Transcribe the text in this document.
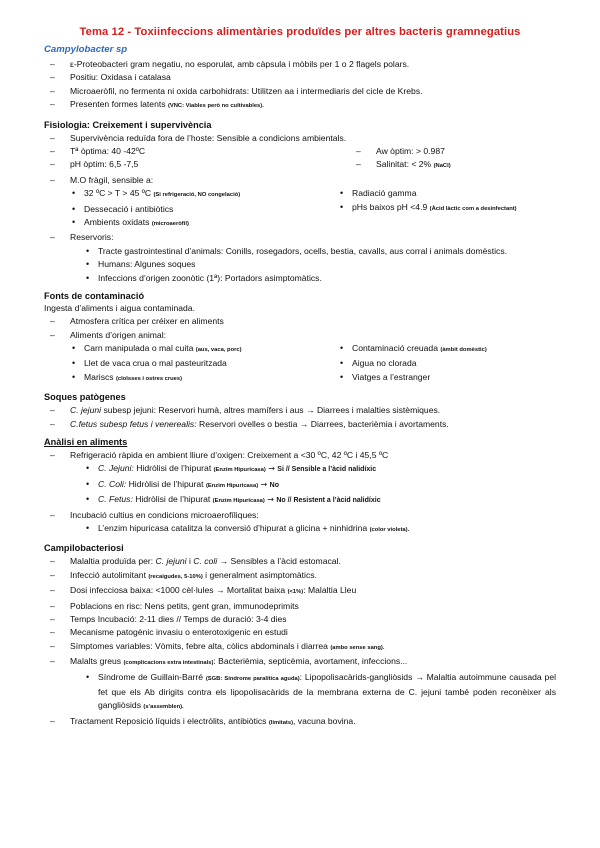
Tema 12 - Toxiinfeccions alimentàries produïdes per altres bacteris gramnegatius
Campylobacter sp
– ε-Proteobacteri gram negatiu, no esporulat, amb càpsula i mòbils per 1 o 2 flagels polars.
– Positiu: Oxidasa i catalasa
– Microaeròfil, no fermenta ni oxida carbohidrats: Utilitzen aa i intermediaris del cicle de Krebs.
– Presenten formes latents (VNC: Viables però no cultivables).
Fisiologia: Creixement i supervivència
– Supervivència reduïda fora de l’hoste: Sensible a condicions ambientals.
– Tª òptima: 40 -42ºC	– Aw òptim: > 0.987
– pH òptim: 6,5 -7,5	– Salinitat: < 2% (NaCl)
– M.O fràgil, sensible a:
• 32 ºC > T > 45 ºC (Si refrigeració, NO congelació)
• Dessecació i antibiòtics
• Ambients oxidats (microaeròfil)
• Radiació gamma
• pHs baixos pH <4.9 (Àcid làctic com a desinfectant)
– Reservoris:
• Tracte gastrointestinal d’animals: Conills, rosegadors, ocells, bestia, cavalls, aus corral i animals domèstics.
• Humans: Algunes soques
• Infeccions d’origen zoonòtic (1ª): Portadors asimptomàtics.
Fonts de contaminació
Ingesta d’aliments i aigua contaminada.
– Atmosfera crítica per créixer en aliments
– Aliments d’origen animal:
• Carn manipulada o mal cuita (aus, vaca, porc)
• Llet de vaca crua o mal pasteuritzada
• Mariscs (cloïsses i ostres crues)
• Contaminació creuada (àmbit domèstic)
• Aigua no clorada
• Viatges a l’estranger
Soques patògenes
– C. jejuni subesp jejuni: Reservori humà, altres mamífers i aus → Diarrees i malalties sistèmiques.
– C.fetus subesp fetus i venerealis: Reservori ovelles o bestia → Diarrees, bacterièmia i avortaments.
Anàlisi en aliments
– Refrigeració ràpida en ambient lliure d’oxigen: Creixement a <30 ºC, 42 ºC i 45,5 ºC
• C. Jejuni: Hidròlisi de l’hipurat (Enzim Hipuricasa) → Si // Sensible a l’àcid nalidíxic
• C. Coli: Hidròlisi de l’hipurat (Enzim Hipuricasa) → No
• C. Fetus: Hidròlisi de l’hipurat (Enzim Hipuricasa) → No // Resistent a l’àcid nalidíxic
– Incubació cultius en condicions microaerofíliques:
• L’enzim hipuricasa catalitza la conversió d’hipurat a glicina + ninhidrina (color violeta).
Campilobacteriosi
– Malaltia produïda per: C. jejuni i C. coli → Sensibles a l’àcid estomacal.
– Infecció autolimitant (recaigudes, 5-10%) i generalment asimptomàtics.
– Dosi infecciosa baixa: <1000 cèl·lules → Mortalitat baixa (<1%): Malaltia Lleu
– Poblacions en risc: Nens petits, gent gran, immunodeprimits
– Temps Incubació: 2-11 dies // Temps de duració: 3-4 dies
– Mecanisme patogènic invasiu o enterotoxigenic en estudi
– Símptomes variables: Vòmits, febre alta, còlics abdominals i diarrea (ambo sense sang).
– Malalts greus (complicacions extra intestinals): Bacterièmia, septicèmia, avortament, infeccions...
• Síndrome de Guillain-Barré (SGB: Síndrome paralítica aguda): Lipopolisacàrids-gangliòsids → Malaltia autoimmune causada pel fet que els Ab dirigits contra els lipopolisacàrids de la membrana externa de C. jejuni també poden reconèixer als gangliòsids (s’assemblen).
– Tractament Reposició líquids i electròlits, antibiòtics (limitats), vacuna bovina.
